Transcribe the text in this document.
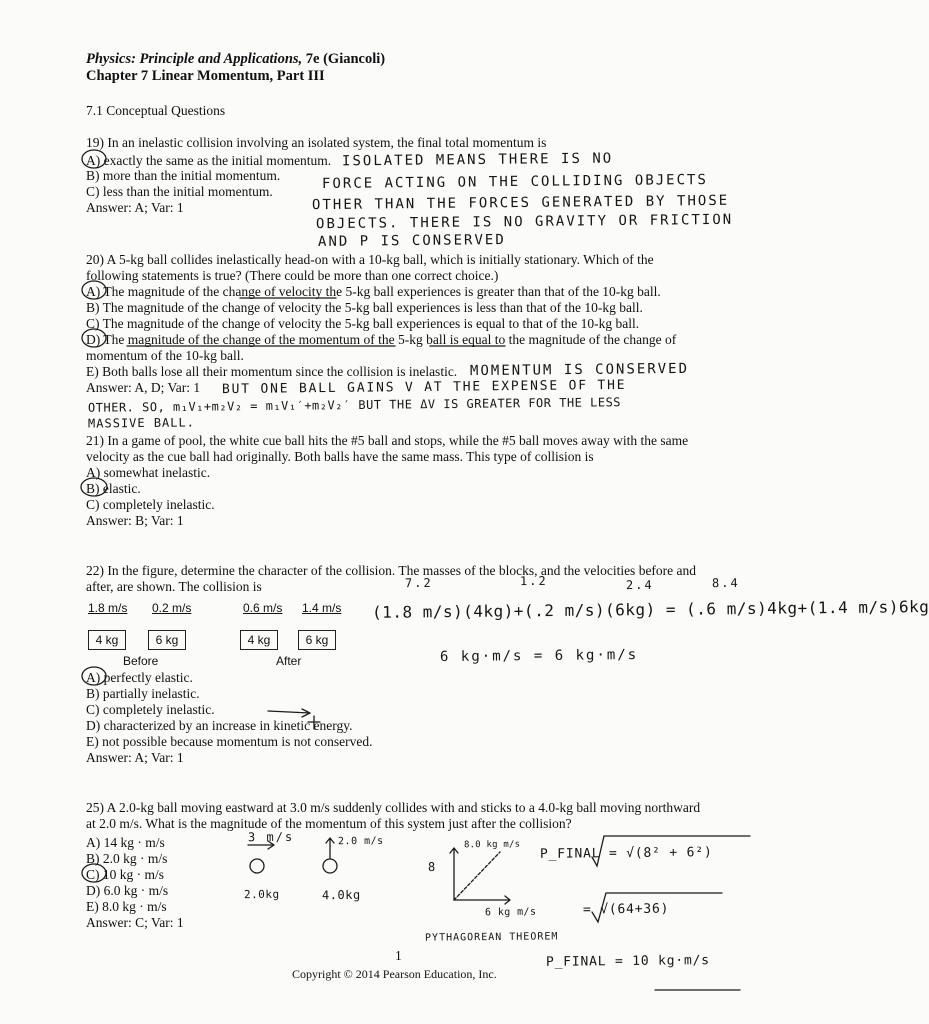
Physics: Principle and Applications, 7e (Giancoli)
Chapter 7 Linear Momentum, Part III
7.1 Conceptual Questions
19) In an inelastic collision involving an isolated system, the final total momentum is
A) exactly the same as the initial momentum.
B) more than the initial momentum.
C) less than the initial momentum.
Answer: A; Var: 1
ISOLATED MEANS THERE IS NO
FORCE ACTING ON THE COLLIDING OBJECTS
OTHER THAN THE FORCES GENERATED BY THOSE
OBJECTS. THERE IS NO GRAVITY OR FRICTION
AND P IS CONSERVED
20) A 5-kg ball collides inelastically head-on with a 10-kg ball, which is initially stationary. Which of the
following statements is true? (There could be more than one correct choice.)
A) The magnitude of the change of velocity the 5-kg ball experiences is greater than that of the 10-kg ball.
B) The magnitude of the change of velocity the 5-kg ball experiences is less than that of the 10-kg ball.
C) The magnitude of the change of velocity the 5-kg ball experiences is equal to that of the 10-kg ball.
D) The magnitude of the change of the momentum of the 5-kg ball is equal to the magnitude of the change of
momentum of the 10-kg ball.
E) Both balls lose all their momentum since the collision is inelastic.
Answer: A, D; Var: 1
MOMENTUM IS CONSERVED
BUT ONE BALL GAINS V AT THE EXPENSE OF THE
OTHER. SO, m₁V₁+m₂V₂ = m₁V₁′+m₂V₂′ BUT THE ΔV IS GREATER FOR THE LESS
MASSIVE BALL.
21) In a game of pool, the white cue ball hits the #5 ball and stops, while the #5 ball moves away with the same
velocity as the cue ball had originally. Both balls have the same mass. This type of collision is
A) somewhat inelastic.
B) elastic.
C) completely inelastic.
Answer: B; Var: 1
22) In the figure, determine the character of the collision. The masses of the blocks, and the velocities before and
after, are shown. The collision is	7.2	1.2	2.4	8.4
1.8 m/s 0.2 m/s	0.6 m/s 1.4 m/s
4 kg	6 kg	4 kg	6 kg
Before	After
(1.8 m/s)(4kg)+(.2 m/s)(6kg) = (.6 m/s)4kg+(1.4 m/s)6kg
6 kg·m/s = 6 kg·m/s
A) perfectly elastic.
B) partially inelastic.
C) completely inelastic.
D) characterized by an increase in kinetic energy.
E) not possible because momentum is not conserved.
Answer: A; Var: 1
25) A 2.0-kg ball moving eastward at 3.0 m/s suddenly collides with and sticks to a 4.0-kg ball moving northward
at 2.0 m/s. What is the magnitude of the momentum of this system just after the collision?
A) 14 kg · m/s
B) 2.0 kg · m/s
C) 10 kg · m/s
D) 6.0 kg · m/s
E) 8.0 kg · m/s
Answer: C; Var: 1
3 m/s	2.0 m/s
2.0kg	4.0kg
8.0 kg m/s
8
6 kg m/s
P_FINAL = √(8² + 6²)
= √(64+36)
PYTHAGOREAN THEOREM
P_FINAL = 10 kg·m/s
1
Copyright © 2014 Pearson Education, Inc.
